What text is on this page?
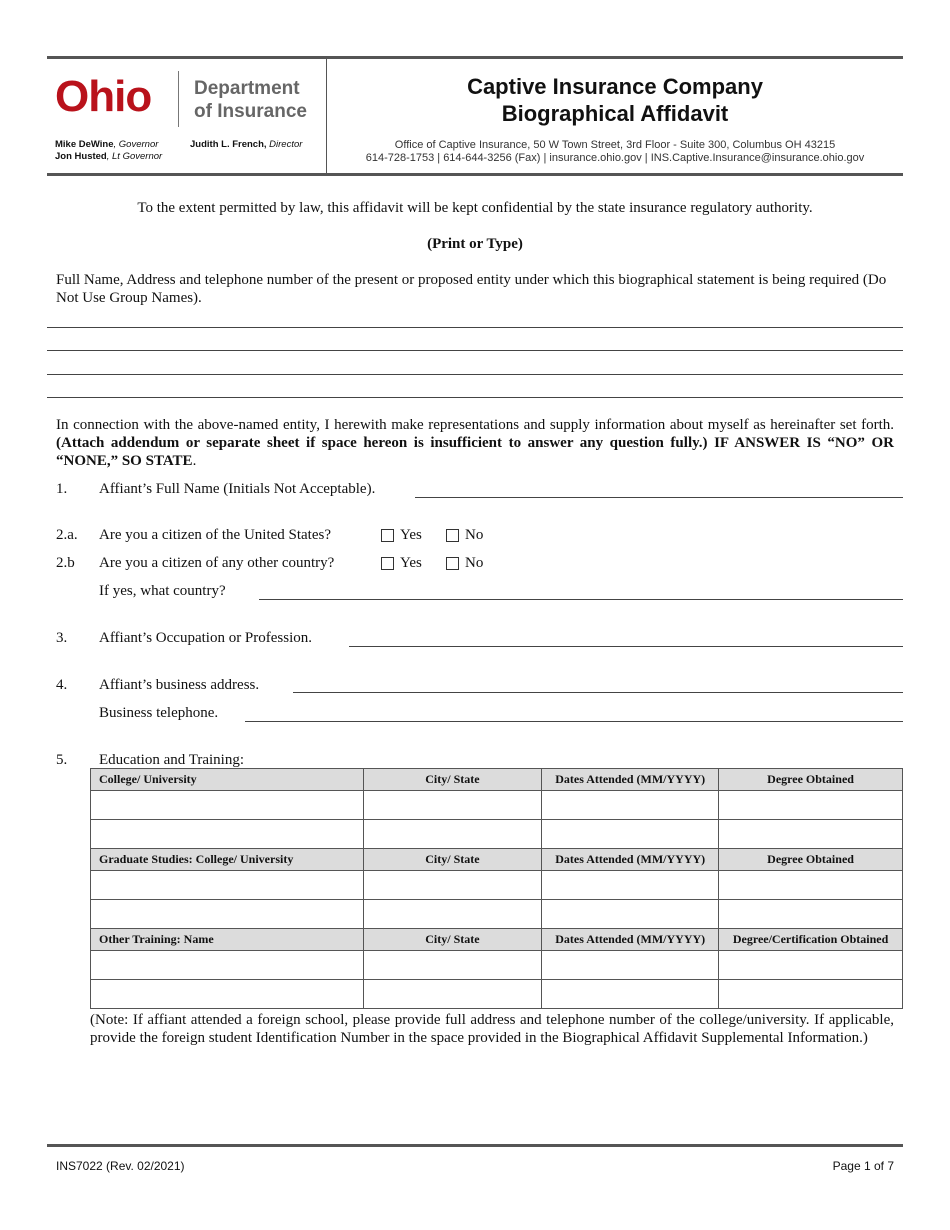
Ohio Department
of Insurance
Mike DeWine, Governor
Jon Husted, Lt Governor
Judith L. French, Director
Captive Insurance Company
Biographical Affidavit
Office of Captive Insurance, 50 W Town Street, 3rd Floor - Suite 300, Columbus OH 43215
614-728-1753 | 614-644-3256 (Fax) | insurance.ohio.gov | INS.Captive.Insurance@insurance.ohio.gov
To the extent permitted by law, this affidavit will be kept confidential by the state insurance regulatory authority.
(Print or Type)
Full Name, Address and telephone number of the present or proposed entity under which this biographical statement is being required (Do Not Use Group Names).
In connection with the above-named entity, I herewith make representations and supply information about myself as hereinafter set forth. (Attach addendum or separate sheet if space hereon is insufficient to answer any question fully.) IF ANSWER IS “NO” OR “NONE,” SO STATE.
1. Affiant’s Full Name (Initials Not Acceptable).
2.a. Are you a citizen of the United States?	Yes	No
2.b Are you a citizen of any other country?	Yes	No
If yes, what country?
3. Affiant’s Occupation or Profession.
4. Affiant’s business address.
Business telephone.
5. Education and Training:
College/ University	City/ State	Dates Attended (MM/YYYY)	Degree Obtained

Graduate Studies: College/ University	City/ State	Dates Attended (MM/YYYY)	Degree Obtained

Other Training: Name	City/ State	Dates Attended (MM/YYYY)	Degree/Certification Obtained

(Note: If affiant attended a foreign school, please provide full address and telephone number of the college/university. If applicable, provide the foreign student Identification Number in the space provided in the Biographical Affidavit Supplemental Information.)
INS7022 (Rev. 02/2021)	Page 1 of 7
